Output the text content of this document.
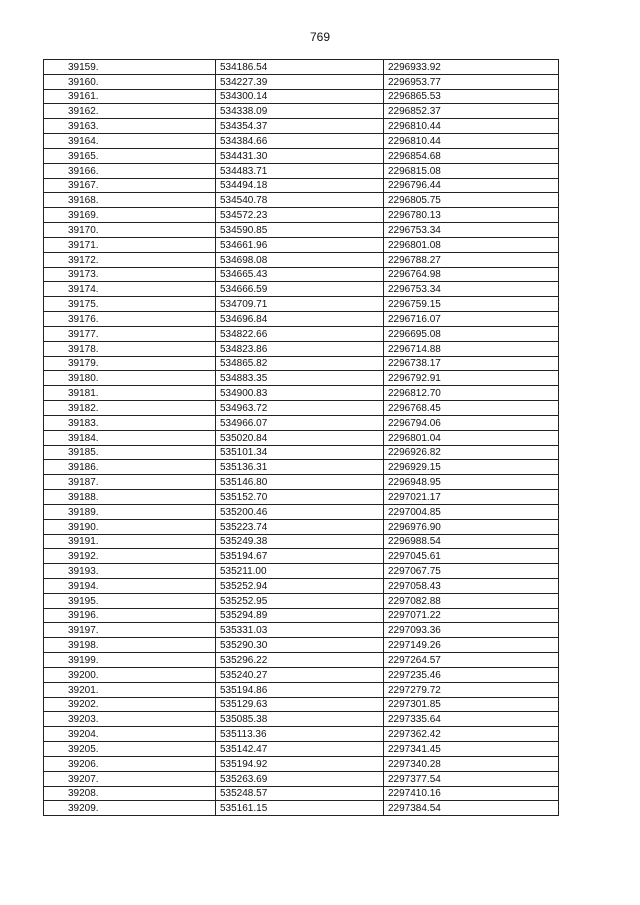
769
39159.	534186.54	2296933.92
39160.	534227.39	2296953.77
39161.	534300.14	2296865.53
39162.	534338.09	2296852.37
39163.	534354.37	2296810.44
39164.	534384.66	2296810.44
39165.	534431.30	2296854.68
39166.	534483.71	2296815.08
39167.	534494.18	2296796.44
39168.	534540.78	2296805.75
39169.	534572.23	2296780.13
39170.	534590.85	2296753.34
39171.	534661.96	2296801.08
39172.	534698.08	2296788.27
39173.	534665.43	2296764.98
39174.	534666.59	2296753.34
39175.	534709.71	2296759.15
39176.	534696.84	2296716.07
39177.	534822.66	2296695.08
39178.	534823.86	2296714.88
39179.	534865.82	2296738.17
39180.	534883.35	2296792.91
39181.	534900.83	2296812.70
39182.	534963.72	2296768.45
39183.	534966.07	2296794.06
39184.	535020.84	2296801.04
39185.	535101.34	2296926.82
39186.	535136.31	2296929.15
39187.	535146.80	2296948.95
39188.	535152.70	2297021.17
39189.	535200.46	2297004.85
39190.	535223.74	2296976.90
39191.	535249.38	2296988.54
39192.	535194.67	2297045.61
39193.	535211.00	2297067.75
39194.	535252.94	2297058.43
39195.	535252.95	2297082.88
39196.	535294.89	2297071.22
39197.	535331.03	2297093.36
39198.	535290.30	2297149.26
39199.	535296.22	2297264.57
39200.	535240.27	2297235.46
39201.	535194.86	2297279.72
39202.	535129.63	2297301.85
39203.	535085.38	2297335.64
39204.	535113.36	2297362.42
39205.	535142.47	2297341.45
39206.	535194.92	2297340.28
39207.	535263.69	2297377.54
39208.	535248.57	2297410.16
39209.	535161.15	2297384.54
